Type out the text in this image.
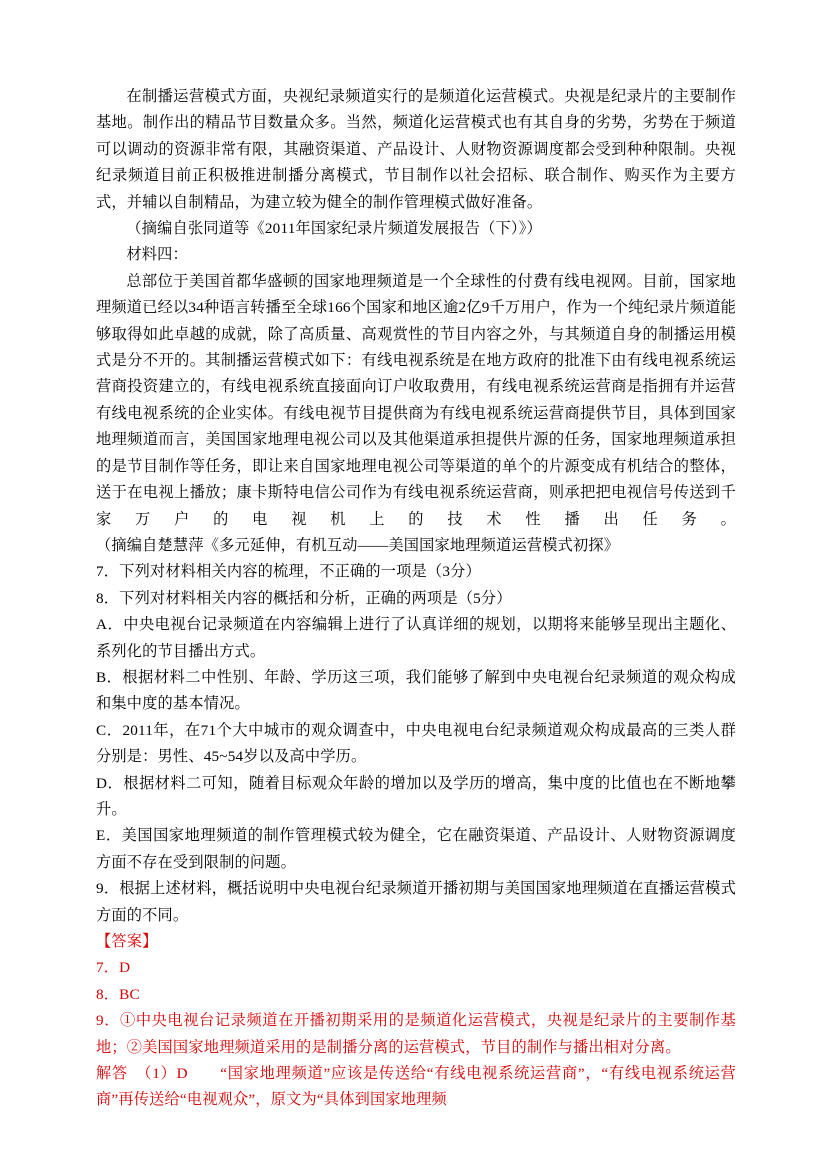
在制播运营模式方面，央视纪录频道实行的是频道化运营模式。央视是纪录片的主要制作基地。制作出的精品节目数量众多。当然，频道化运营模式也有其自身的劣势，劣势在于频道可以调动的资源非常有限，其融资渠道、产品设计、人财物资源调度都会受到种种限制。央视纪录频道目前正积极推进制播分离模式，节目制作以社会招标、联合制作、购买作为主要方式，并辅以自制精品，为建立较为健全的制作管理模式做好准备。

（摘编自张同道等《2011年国家纪录片频道发展报告（下）》）

材料四：

总部位于美国首都华盛顿的国家地理频道是一个全球性的付费有线电视网。目前，国家地理频道已经以34种语言转播至全球166个国家和地区逾2亿9千万用户，作为一个纯纪录片频道能够取得如此卓越的成就，除了高质量、高观赏性的节目内容之外，与其频道自身的制播运用模式是分不开的。其制播运营模式如下：有线电视系统是在地方政府的批准下由有线电视系统运营商投资建立的，有线电视系统直接面向订户收取费用，有线电视系统运营商是指拥有并运营有线电视系统的企业实体。有线电视节目提供商为有线电视系统运营商提供节目，具体到国家地理频道而言，美国国家地理电视公司以及其他渠道承担提供片源的任务，国家地理频道承担的是节目制作等任务，即让来自国家地理电视公司等渠道的单个的片源变成有机结合的整体，送于在电视上播放；康卡斯特电信公司作为有线电视系统运营商，则承把把电视信号传送到千家万户的电视机上的技术性播出任务。

（摘编自楚慧萍《多元延伸，有机互动——美国国家地理频道运营模式初探》

7．下列对材料相关内容的梳理，不正确的一项是（3分）

8．下列对材料相关内容的概括和分析，正确的两项是（5分）

A．中央电视台记录频道在内容编辑上进行了认真详细的规划，以期将来能够呈现出主题化、系列化的节目播出方式。

B．根据材料二中性别、年龄、学历这三项，我们能够了解到中央电视台纪录频道的观众构成和集中度的基本情况。

C．2011年，在71个大中城市的观众调查中，中央电视电台纪录频道观众构成最高的三类人群分别是：男性、45~54岁以及高中学历。

D．根据材料二可知，随着目标观众年龄的增加以及学历的增高，集中度的比值也在不断地攀升。

E．美国国家地理频道的制作管理模式较为健全，它在融资渠道、产品设计、人财物资源调度方面不存在受到限制的问题。

9．根据上述材料，概括说明中央电视台纪录频道开播初期与美国国家地理频道在直播运营模式方面的不同。

【答案】

7．D

8．BC

9．①中央电视台记录频道在开播初期采用的是频道化运营模式，央视是纪录片的主要制作基地；②美国国家地理频道采用的是制播分离的运营模式，节目的制作与播出相对分离。

解答　（1）D　　“国家地理频道”应该是传送给“有线电视系统运营商”，“有线电视系统运营商”再传送给“电视观众”，原文为“具体到国家地理频
